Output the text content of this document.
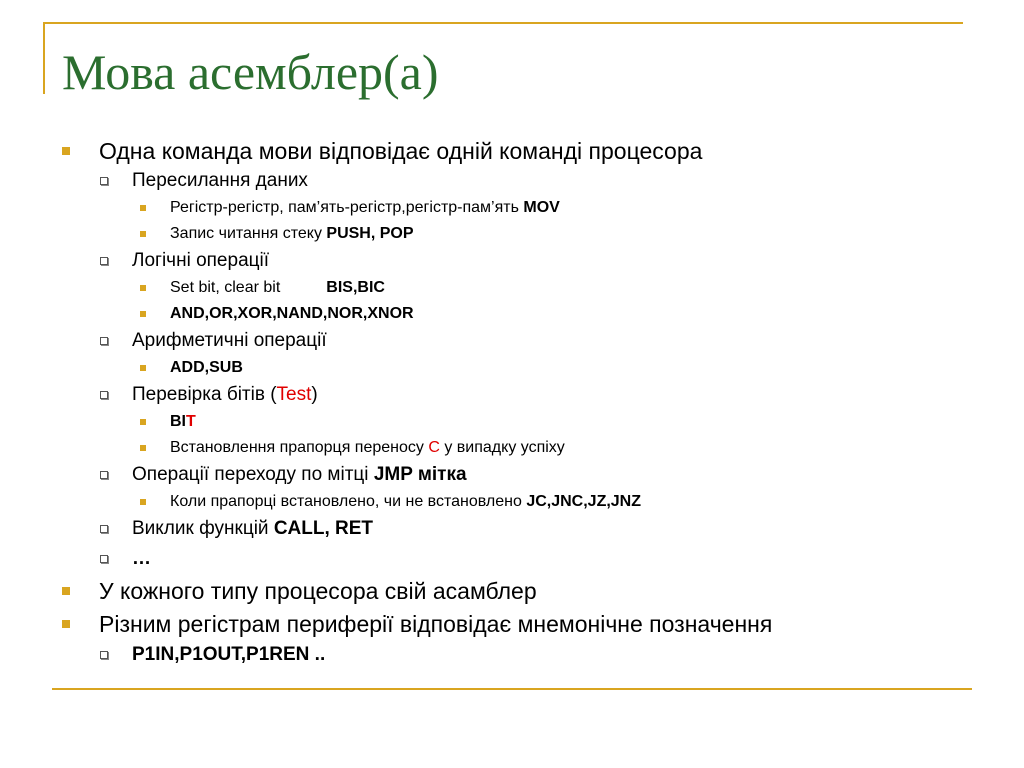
Мова асемблер(а)
Одна команда мови відповідає одній команді процесора
Пересилання даних
Регістр-регістр, пам’ять-регістр,регістр-пам’ять MOV
Запис читання стеку PUSH, POP
Логічні операції
Set bit, clear bit	BIS,BIC
AND,OR,XOR,NAND,NOR,XNOR
Арифметичні операції
ADD,SUB
Перевірка бітів ( Test )
BI T
Встановлення прапорця переносу C у випадку успіху
Операції переходу по мітці JMP мітка
Коли прапорці встановлено, чи не встановлено JC,JNC,JZ,JNZ
Виклик функцій CALL, RET
…
У кожного типу процесора свій асамблер
Різним регістрам периферії відповідає мнемонічне позначення
P1IN,P1OUT,P1REN ..
